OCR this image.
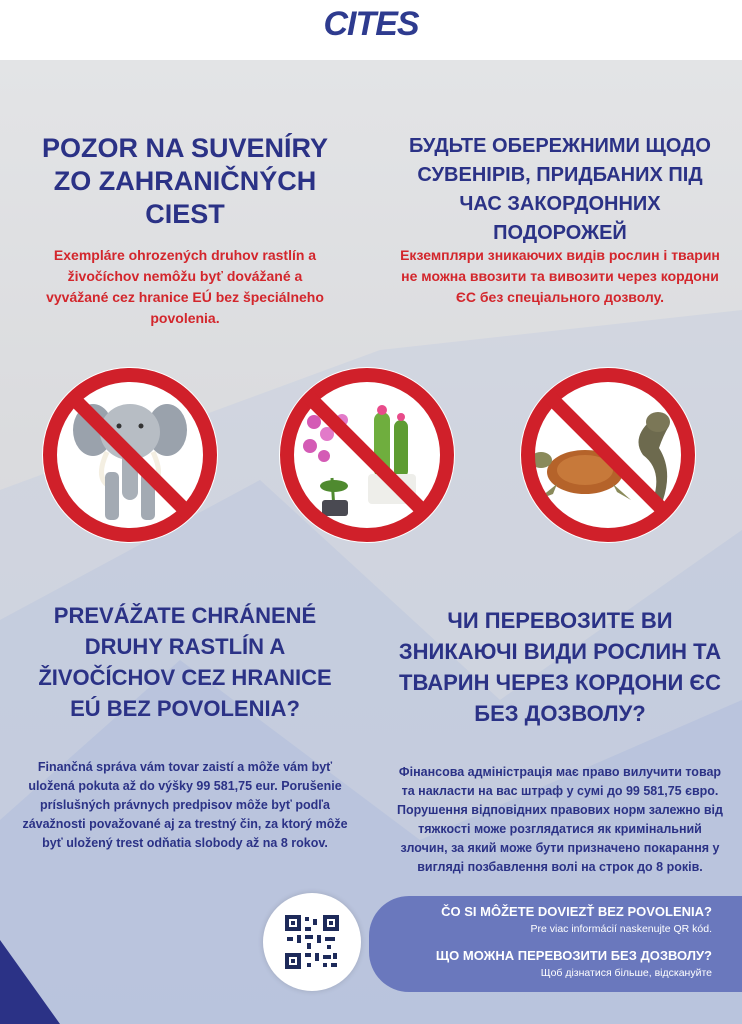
CITES
POZOR NA SUVENÍRY ZO ZAHRANIČNÝCH CIEST
БУДЬТЕ ОБЕРЕЖНИМИ ЩОДО СУВЕНІРІВ, ПРИДБАНИХ ПІД ЧАС ЗАКОРДОННИХ ПОДОРОЖЕЙ
Exempláre ohrozených druhov rastlín a živočíchov nemôžu byť dovážané a vyvážané cez hranice EÚ bez špeciálneho povolenia.
Екземпляри зникаючих видів рослин і тварин не можна ввозити та вивозити через кордони ЄС без спеціального дозволу.
PREVÁŽATE CHRÁNENÉ DRUHY RASTLÍN A ŽIVOČÍCHOV CEZ HRANICE EÚ BEZ POVOLENIA?
ЧИ ПЕРЕВОЗИТЕ ВИ ЗНИКАЮЧІ ВИДИ РОСЛИН ТА ТВАРИН ЧЕРЕЗ КОРДОНИ ЄС БЕЗ ДОЗВОЛУ?
Finančná správa vám tovar zaistí a môže vám byť uložená pokuta až do výšky 99 581,75 eur. Porušenie príslušných právnych predpisov môže byť podľa závažnosti považované aj za trestný čin, za ktorý môže byť uložený trest odňatia slobody až na 8 rokov.
Фінансова адміністрація має право вилучити товар та накласти на вас штраф у сумі до 99 581,75 євро. Порушення відповідних правових норм залежно від тяжкості може розглядатися як кримінальний злочин, за який може бути призначено покарання у вигляді позбавлення волі на строк до 8 років.
ČO SI MÔŽETE DOVIEZŤ BEZ POVOLENIA?
Pre viac informácií naskenujte QR kód.
ЩО МОЖНА ПЕРЕВОЗИТИ БЕЗ ДОЗВОЛУ?
Щоб дізнатися більше, відскануйте
